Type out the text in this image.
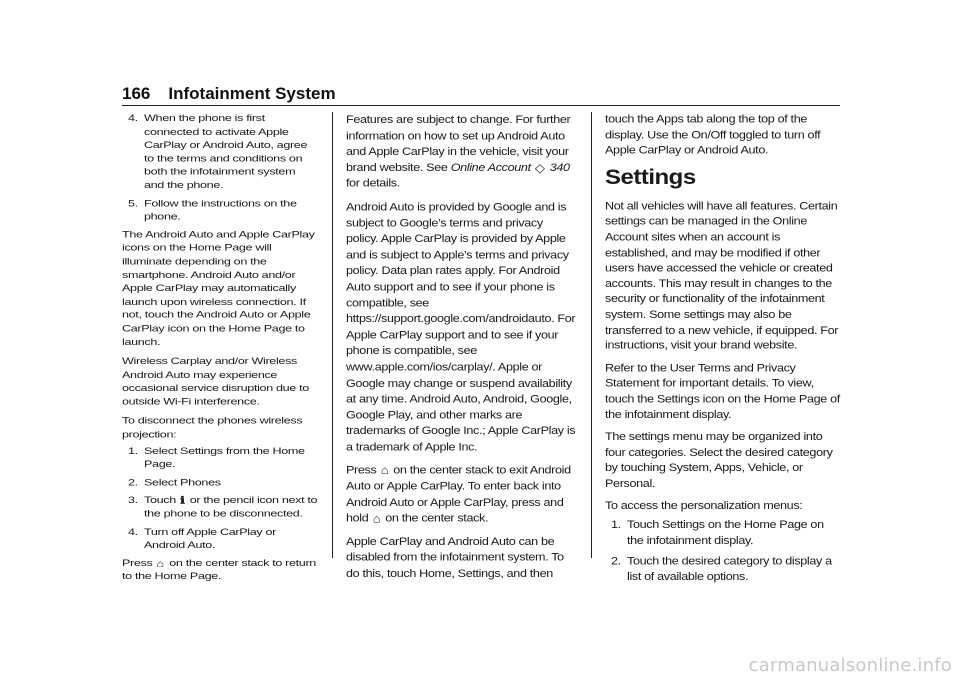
166 Infotainment System
4. When the phone is first connected to activate Apple CarPlay or Android Auto, agree to the terms and conditions on both the infotainment system and the phone.
5. Follow the instructions on the phone.

The Android Auto and Apple CarPlay icons on the Home Page will illuminate depending on the smartphone. Android Auto and/or Apple CarPlay may automatically launch upon wireless connection. If not, touch the Android Auto or Apple CarPlay icon on the Home Page to launch.

Wireless Carplay and/or Wireless Android Auto may experience occasional service disruption due to outside Wi-Fi interference.

To disconnect the phones wireless projection:

1. Select Settings from the Home Page.
2. Select Phones
3. Touch ℹ or the pencil icon next to the phone to be disconnected.
4. Turn off Apple CarPlay or Android Auto.

Press ⌂ on the center stack to return to the Home Page.

Features are subject to change. For further information on how to set up Android Auto and Apple CarPlay in the vehicle, visit your brand website. See Online Account ◇ 340 for details.

Android Auto is provided by Google and is subject to Google’s terms and privacy policy. Apple CarPlay is provided by Apple and is subject to Apple’s terms and privacy policy. Data plan rates apply. For Android Auto support and to see if your phone is compatible, see https://support.google.com/androidauto. For Apple CarPlay support and to see if your phone is compatible, see www.apple.com/ios/carplay/. Apple or Google may change or suspend availability at any time. Android Auto, Android, Google, Google Play, and other marks are trademarks of Google Inc.; Apple CarPlay is a trademark of Apple Inc.

Press ⌂ on the center stack to exit Android Auto or Apple CarPlay. To enter back into Android Auto or Apple CarPlay, press and hold ⌂ on the center stack.

Apple CarPlay and Android Auto can be disabled from the infotainment system. To do this, touch Home, Settings, and then

touch the Apps tab along the top of the display. Use the On/Off toggled to turn off Apple CarPlay or Android Auto.

Settings

Not all vehicles will have all features. Certain settings can be managed in the Online Account sites when an account is established, and may be modified if other users have accessed the vehicle or created accounts. This may result in changes to the security or functionality of the infotainment system. Some settings may also be transferred to a new vehicle, if equipped. For instructions, visit your brand website.

Refer to the User Terms and Privacy Statement for important details. To view, touch the Settings icon on the Home Page of the infotainment display.

The settings menu may be organized into four categories. Select the desired category by touching System, Apps, Vehicle, or Personal.

To access the personalization menus:

1. Touch Settings on the Home Page on the infotainment display.
2. Touch the desired category to display a list of available options.
carmanualsonline.info
